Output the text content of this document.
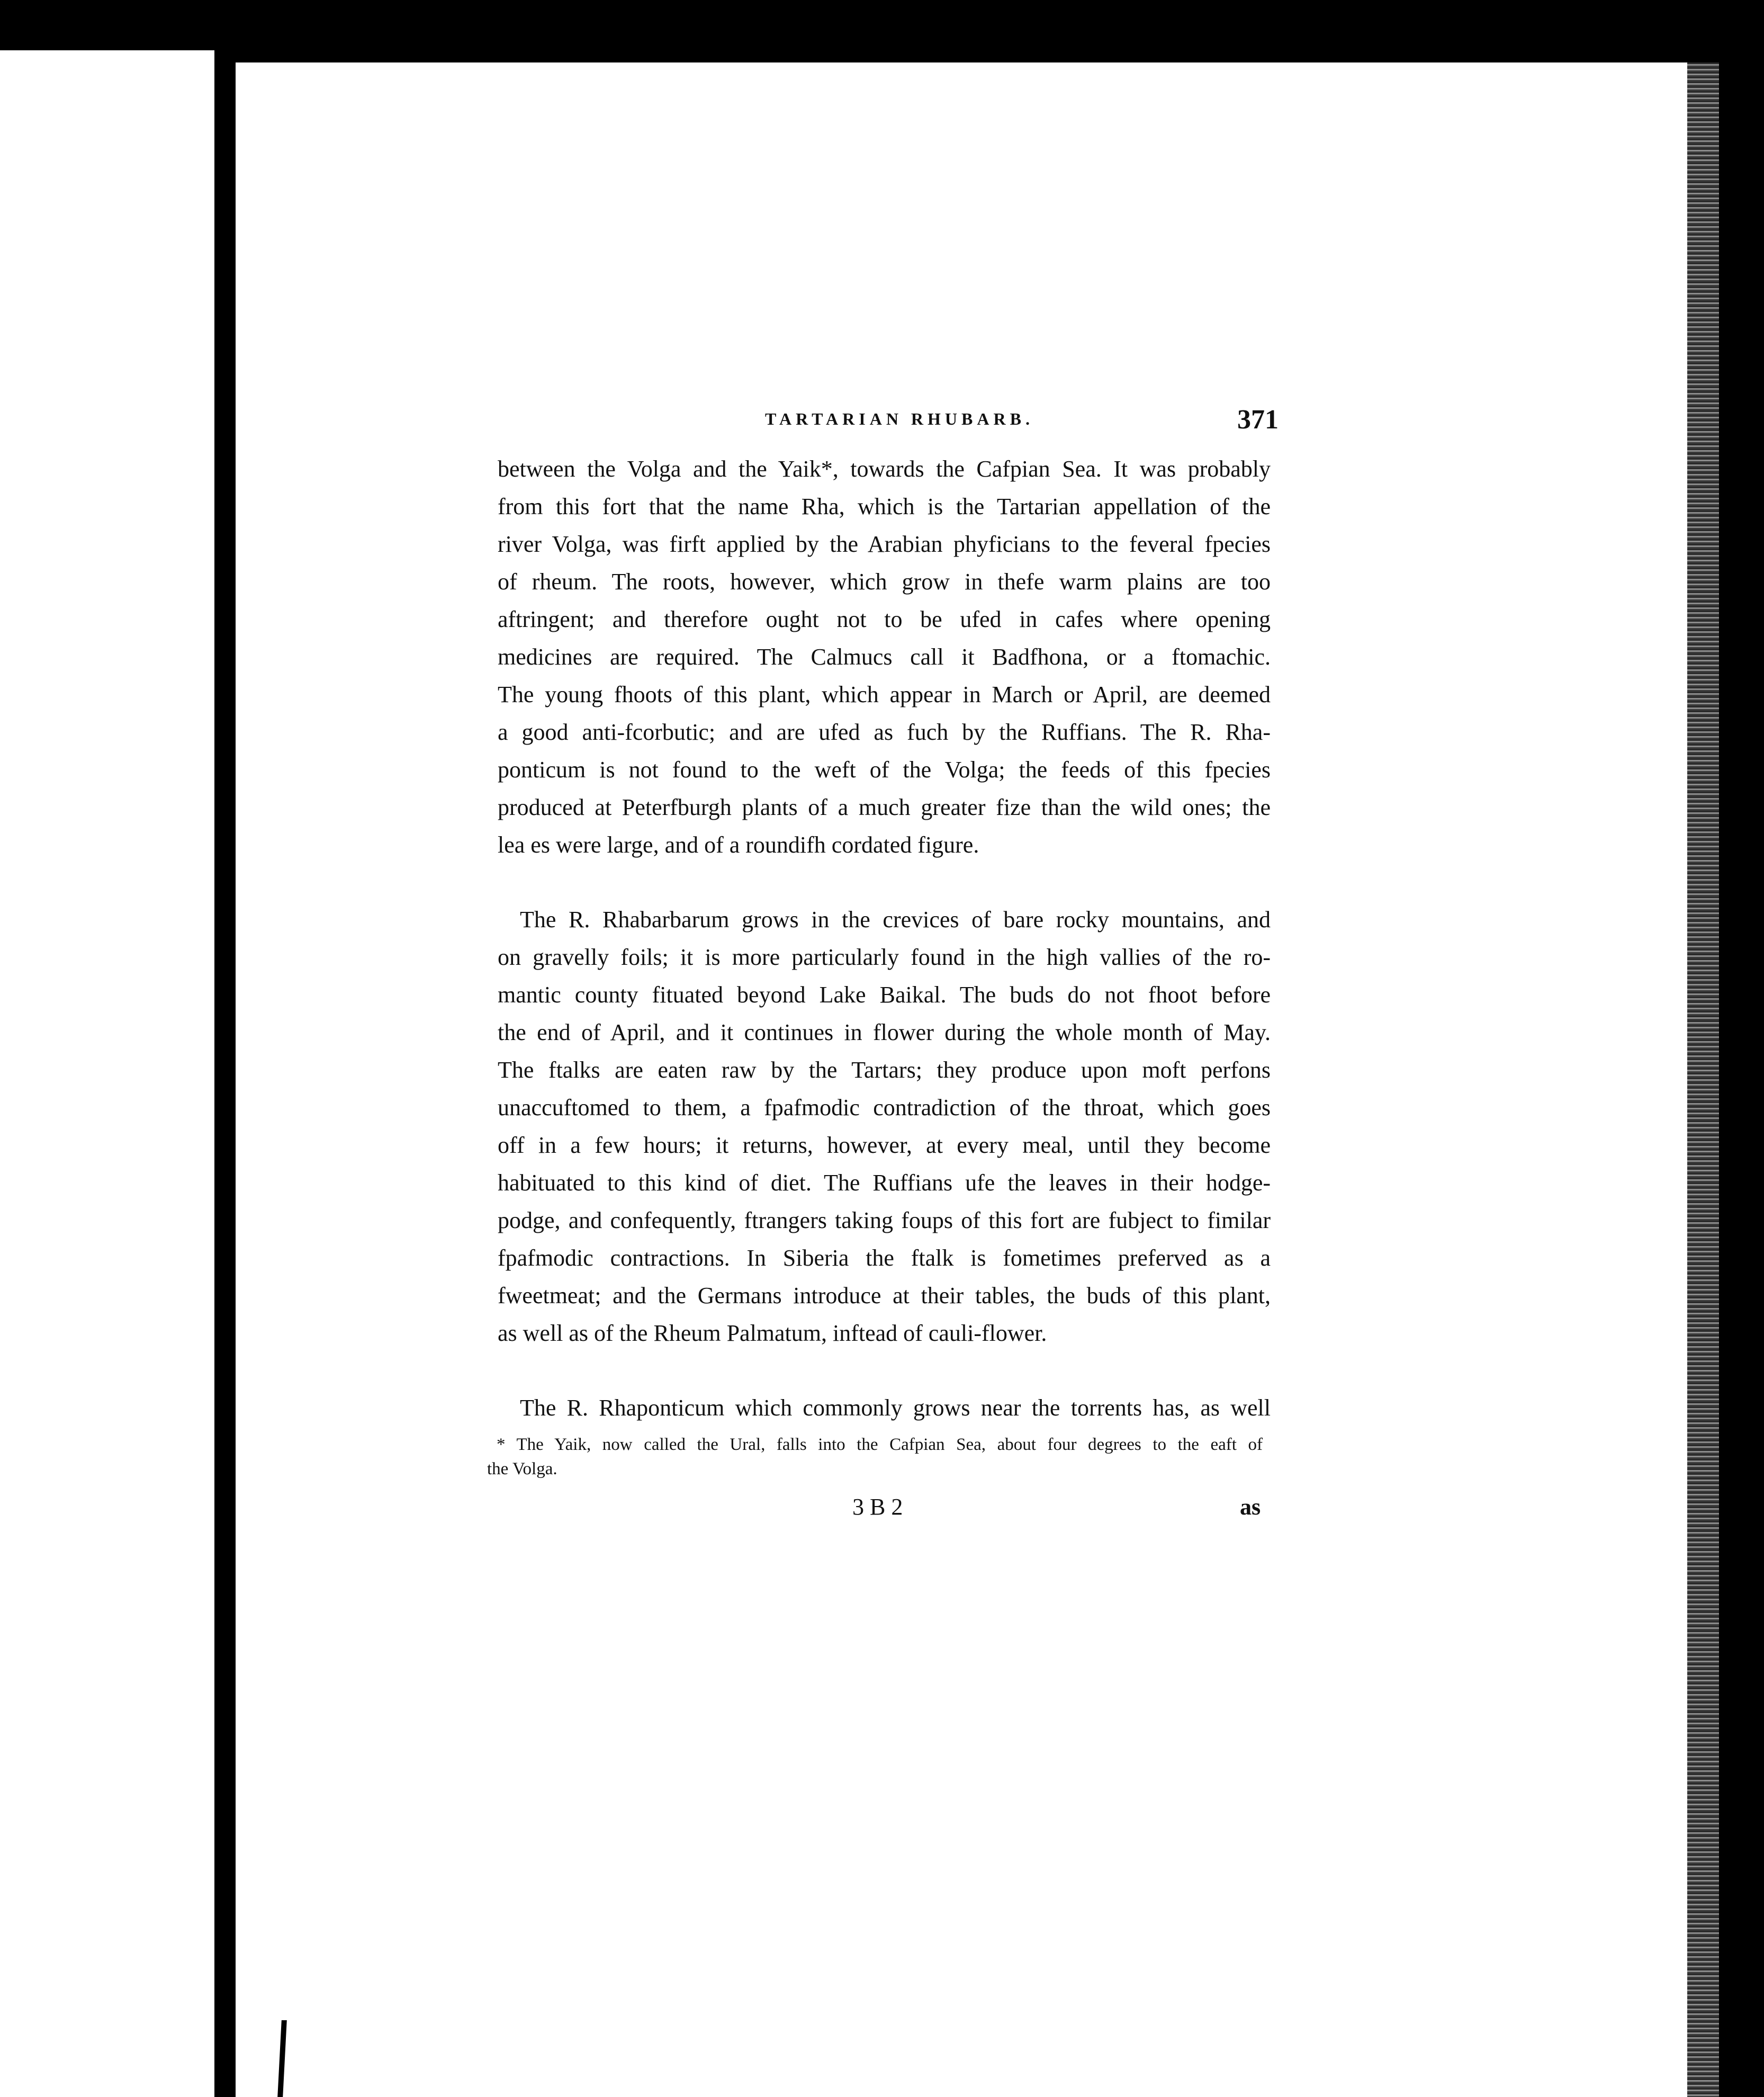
TARTARIAN RHUBARB.	371
between the Volga and the Yaik*, towards the Cafpian Sea. It was probably
from this fort that the name Rha, which is the Tartarian appellation of the
river Volga, was firft applied by the Arabian phyficians to the feveral fpecies
of rheum. The roots, however, which grow in thefe warm plains are too
aftringent; and therefore ought not to be ufed in cafes where opening
medicines are required. The Calmucs call it Badfhona, or a ftomachic.
The young fhoots of this plant, which appear in March or April, are deemed
a good anti-fcorbutic; and are ufed as fuch by the Ruffians. The R. Rha-
ponticum is not found to the weft of the Volga; the feeds of this fpecies
produced at Peterfburgh plants of a much greater fize than the wild ones; the
lea es were large, and of a roundifh cordated figure.
The R. Rhabarbarum grows in the crevices of bare rocky mountains, and
on gravelly foils; it is more particularly found in the high vallies of the ro-
mantic county fituated beyond Lake Baikal. The buds do not fhoot before
the end of April, and it continues in flower during the whole month of May.
The ftalks are eaten raw by the Tartars; they produce upon moft perfons
unaccuftomed to them, a fpafmodic contradiction of the throat, which goes
off in a few hours; it returns, however, at every meal, until they become
habituated to this kind of diet. The Ruffians ufe the leaves in their hodge-
podge, and confequently, ftrangers taking foups of this fort are fubject to fimilar
fpafmodic contractions. In Siberia the ftalk is fometimes preferved as a
fweetmeat; and the Germans introduce at their tables, the buds of this plant,
as well as of the Rheum Palmatum, inftead of cauli-flower.
The R. Rhaponticum which commonly grows near the torrents has, as well
* The Yaik, now called the Ural, falls into the Cafpian Sea, about four degrees to the eaft of
the Volga.
3 B 2	as
